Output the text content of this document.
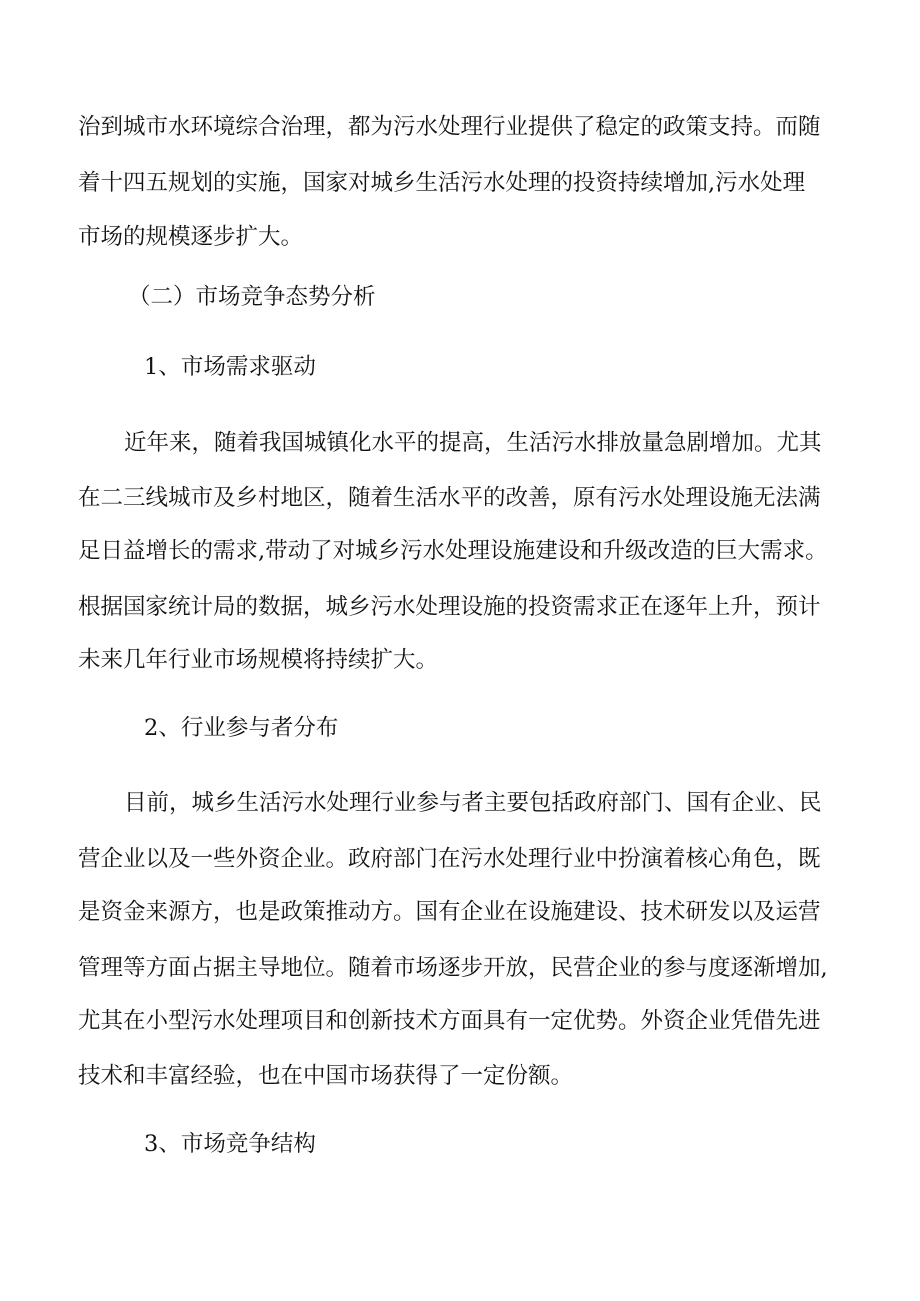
治到城市水环境综合治理，都为污水处理行业提供了稳定的政策支持。而随
着十四五规划的实施，国家对城乡生活污水处理的投资持续增加,污水处理
市场的规模逐步扩大。
（二）市场竞争态势分析
1、市场需求驱动
近年来，随着我国城镇化水平的提高，生活污水排放量急剧增加。尤其
在二三线城市及乡村地区，随着生活水平的改善，原有污水处理设施无法满
足日益增长的需求,带动了对城乡污水处理设施建设和升级改造的巨大需求。
根据国家统计局的数据，城乡污水处理设施的投资需求正在逐年上升，预计
未来几年行业市场规模将持续扩大。
2、行业参与者分布
目前，城乡生活污水处理行业参与者主要包括政府部门、国有企业、民
营企业以及一些外资企业。政府部门在污水处理行业中扮演着核心角色，既
是资金来源方，也是政策推动方。国有企业在设施建设、技术研发以及运营
管理等方面占据主导地位。随着市场逐步开放，民营企业的参与度逐渐增加,
尤其在小型污水处理项目和创新技术方面具有一定优势。外资企业凭借先进
技术和丰富经验，也在中国市场获得了一定份额。
3、市场竞争结构
